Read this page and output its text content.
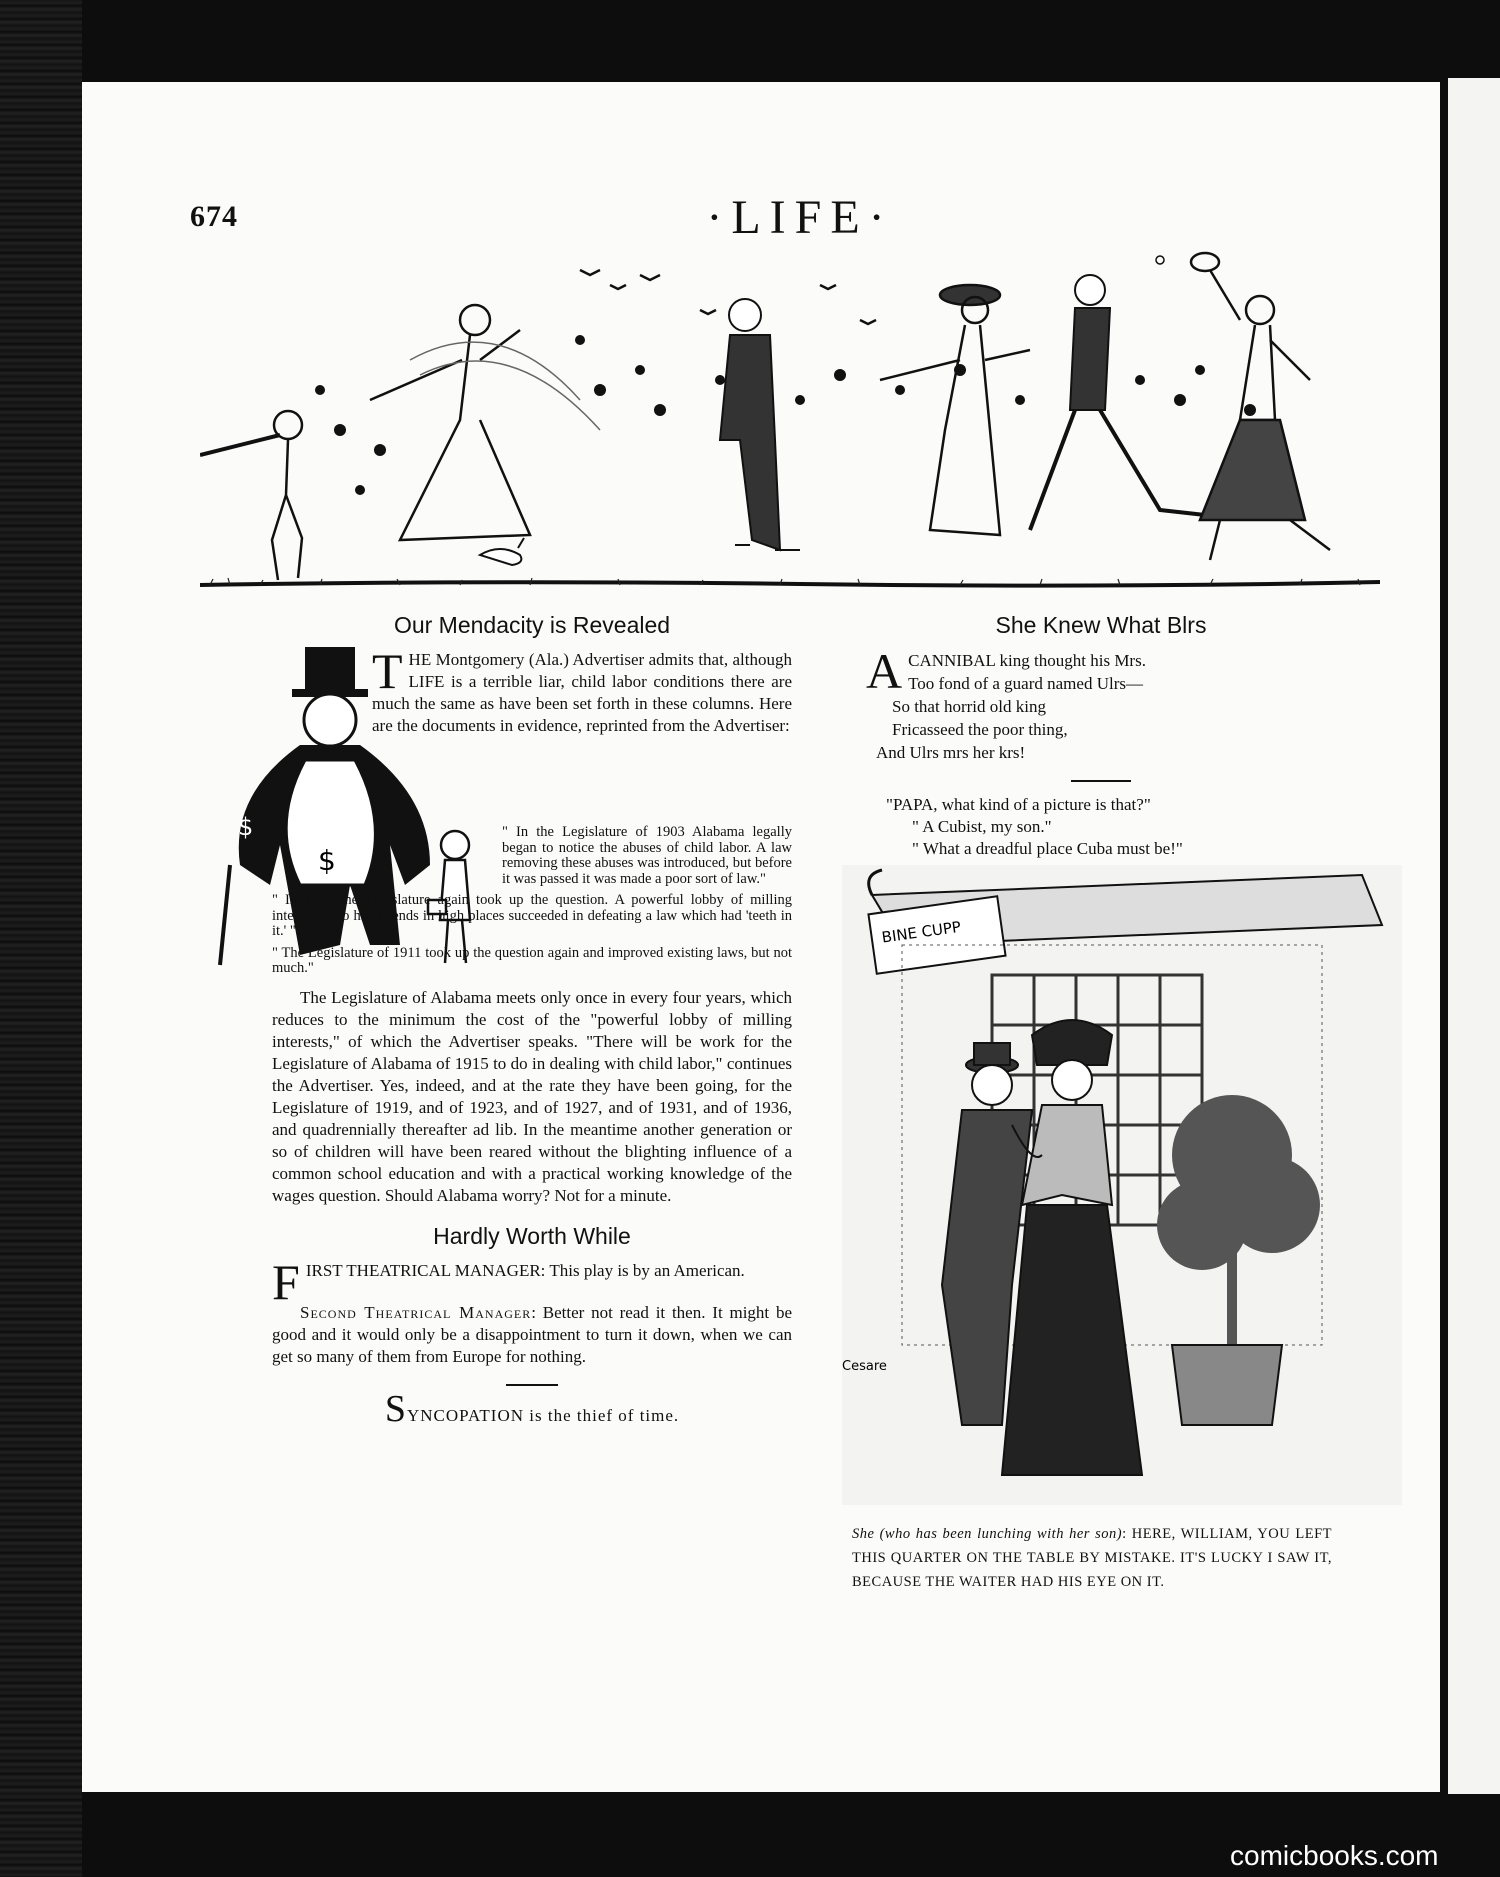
674	·LIFE·
$
$
Our Mendacity is Revealed

THE Montgomery (Ala.) Advertiser admits that, although LIFE is a terrible liar, child labor conditions there are much the same as have been set forth in these columns. Here are the documents in evidence, reprinted from the Advertiser:

" In the Legislature of 1903 Alabama legally began to notice the abuses of child labor. A law removing these abuses was introduced, but before it was passed it was made a poor sort of law."

" In 1907 the Legislature again took up the question. A powerful lobby of milling interests who had friends in high places succeeded in defeating a law which had 'teeth in it.' "

" The Legislature of 1911 took up the question again and improved existing laws, but not much."

The Legislature of Alabama meets only once in every four years, which reduces to the minimum the cost of the "powerful lobby of milling interests," of which the Advertiser speaks. "There will be work for the Legislature of Alabama of 1915 to do in dealing with child labor," continues the Advertiser. Yes, indeed, and at the rate they have been going, for the Legislature of 1919, and of 1923, and of 1927, and of 1931, and of 1936, and quadrennially thereafter ad lib. In the meantime another generation or so of children will have been reared without the blighting influence of a common school education and with a practical working knowledge of the wages question. Should Alabama worry? Not for a minute.

Hardly Worth While

FIRST THEATRICAL MANAGER: This play is by an American.

Second Theatrical Manager: Better not read it then. It might be good and it would only be a disappointment to turn it down, when we can get so many of them from Europe for nothing.

SYNCOPATION is the thief of time.

She Knew What Blrs
A CANNIBAL king thought his Mrs.
Too fond of a guard named Ulrs—
So that horrid old king
Fricasseed the poor thing,
And Ulrs mrs her krs!
"PAPA, what kind of a picture is that?"
" A Cubist, my son."
" What a dreadful place Cuba must be!"
BINE CUPP
Cesare
She (who has been lunching with her son): HERE, WILLIAM, YOU LEFT THIS QUARTER ON THE TABLE BY MISTAKE. IT'S LUCKY I SAW IT, BECAUSE THE WAITER HAD HIS EYE ON IT.
comicbooks.com
